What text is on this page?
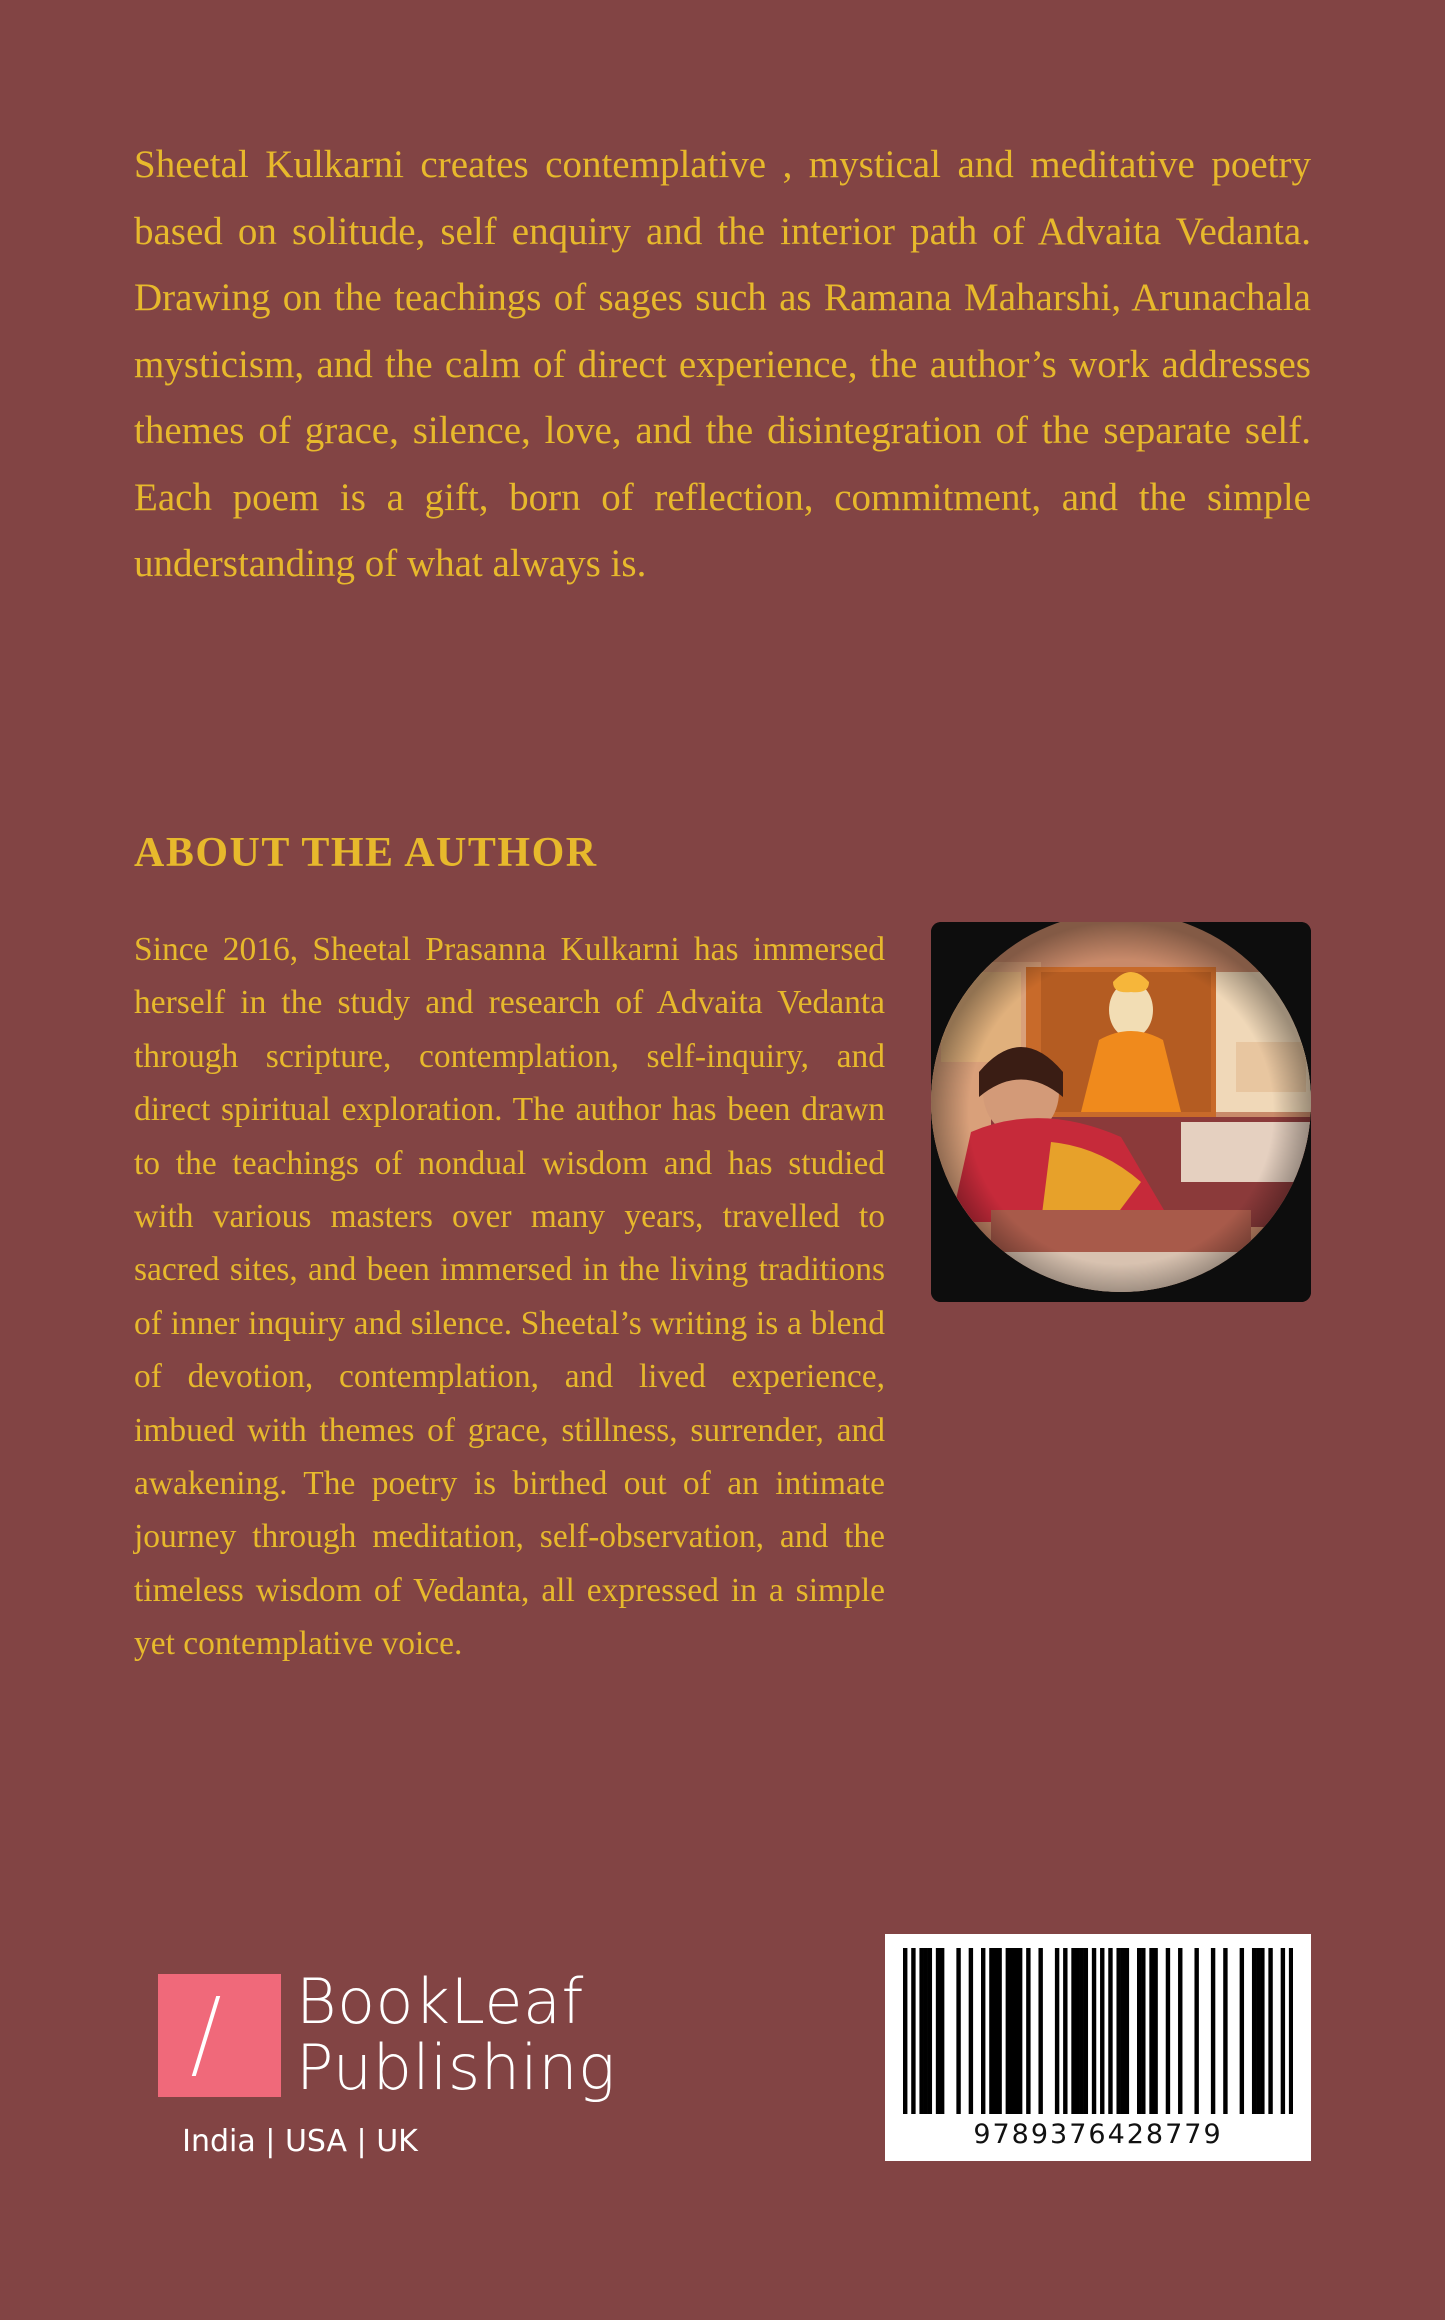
Sheetal Kulkarni creates contemplative , mystical and meditative poetry based on solitude, self enquiry and the interior path of Advaita Vedanta. Drawing on the teachings of sages such as Ramana Maharshi, Arunachala mysticism, and the calm of direct experience, the author’s work addresses themes of grace, silence, love, and the disintegration of the separate self. Each poem is a gift, born of reflection, commitment, and the simple understanding of what always is.

ABOUT THE AUTHOR

Since 2016, Sheetal Prasanna Kulkarni has immersed herself in the study and research of Advaita Vedanta through scripture, contemplation, self-inquiry, and direct spiritual exploration. The author has been drawn to the teachings of nondual wisdom and has studied with various masters over many years, travelled to sacred sites, and been immersed in the living traditions of inner inquiry and silence. Sheetal’s writing is a blend of devotion, contemplation, and lived experience, imbued with themes of grace, stillness, surrender, and awakening. The poetry is birthed out of an intimate journey through meditation, self-observation, and the timeless wisdom of Vedanta, all expressed in a simple yet contemplative voice.

BookLeaf
Publishing
India | USA | UK	9789376428779
